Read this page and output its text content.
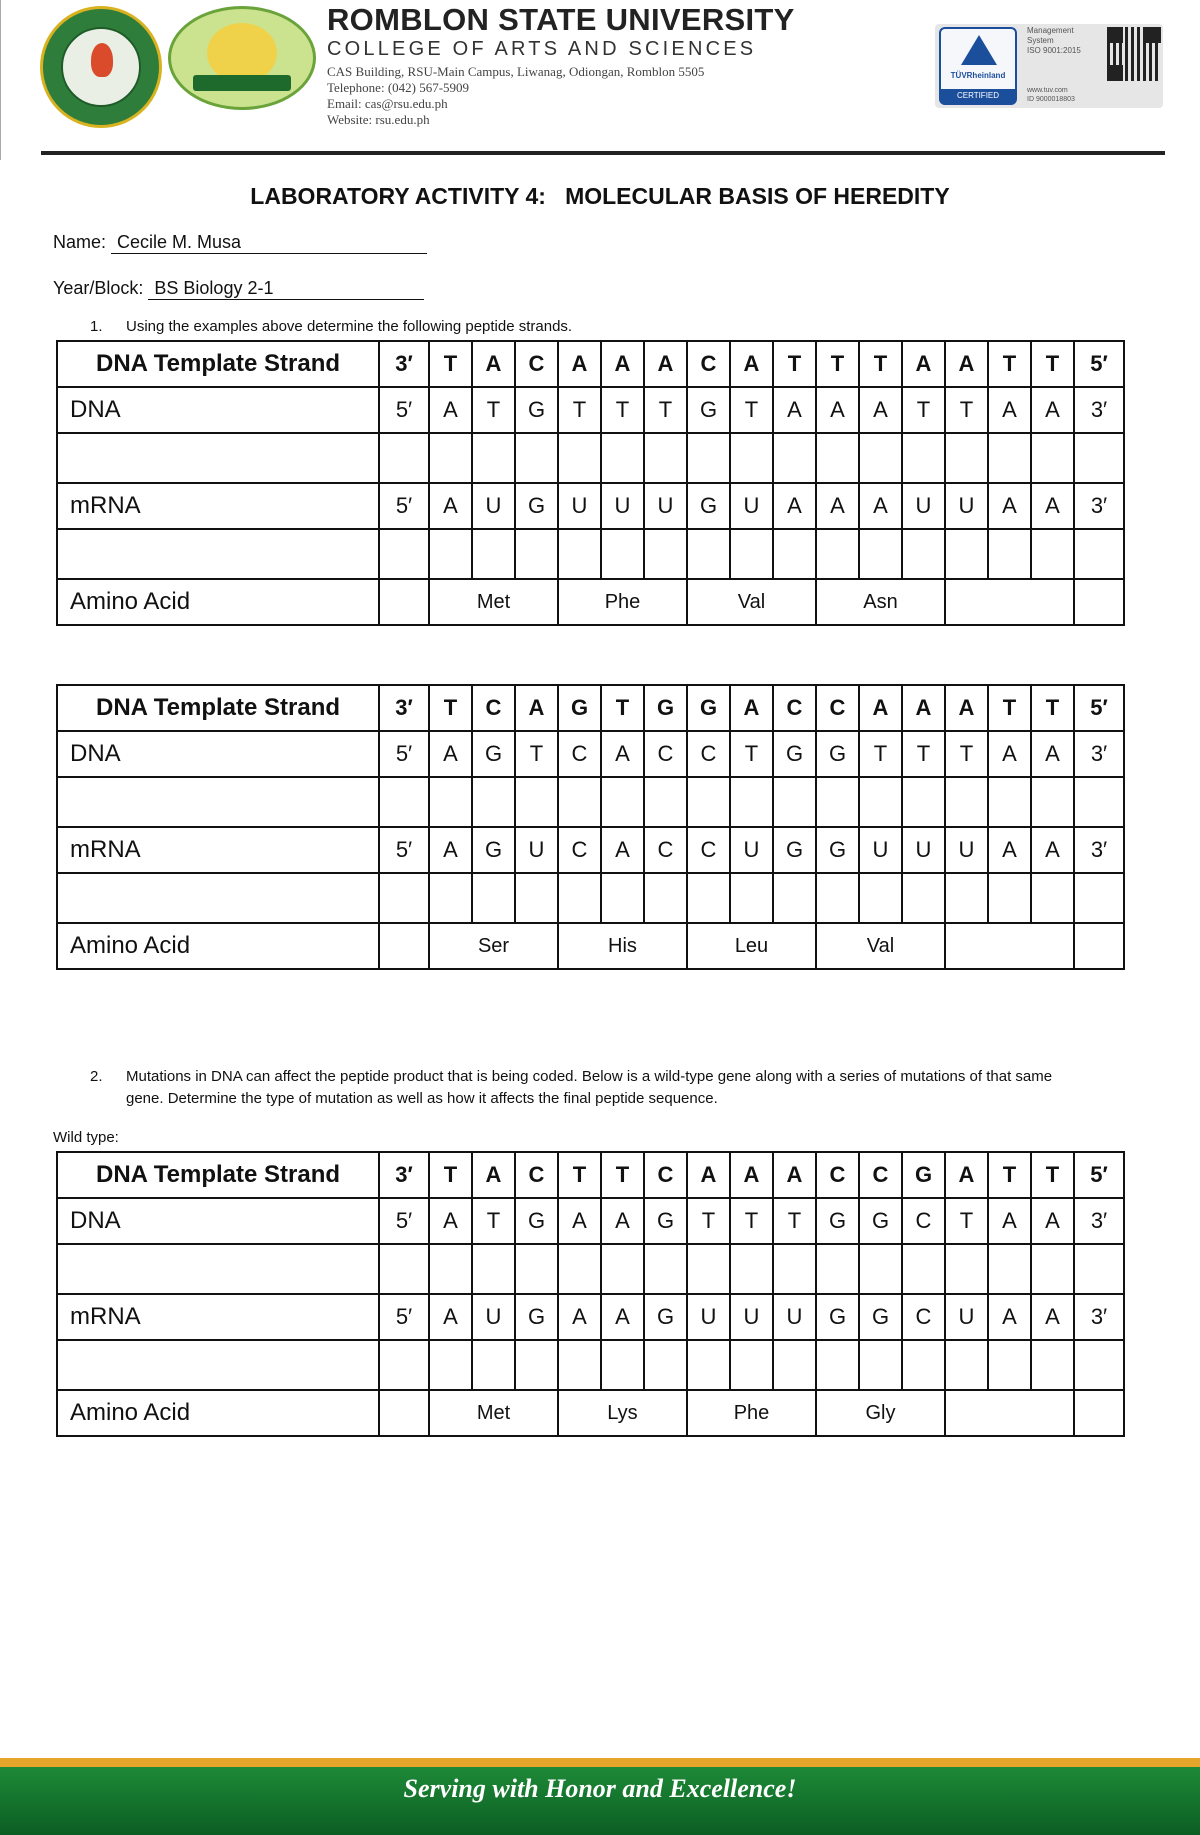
ROMBLON STATE UNIVERSITY
COLLEGE OF ARTS AND SCIENCES
CAS Building, RSU-Main Campus, Liwanag, Odiongan, Romblon 5505
Telephone: (042) 567-5909
Email: cas@rsu.edu.ph
Website: rsu.edu.ph
TÜVRheinland
CERTIFIED
Management System
ISO 9001:2015
www.tuv.com
ID 9000018803
LABORATORY ACTIVITY 4:   MOLECULAR BASIS OF HEREDITY
Name: Cecile M. Musa
Year/Block: BS Biology 2-1
1. Using the examples above determine the following peptide strands.
DNA Template Strand	3′	T	A	C	A	A	A	C	A	T	T	T	A	A	T	T	5′
DNA	5′	A	T	G	T	T	T	G	T	A	A	A	T	T	A	A	3′

mRNA	5′	A	U	G	U	U	U	G	U	A	A	A	U	U	A	A	3′

Amino Acid		Met			Phe			Val			Asn						
DNA Template Strand	3′	T	C	A	G	T	G	G	A	C	C	A	A	A	T	T	5′
DNA	5′	A	G	T	C	A	C	C	T	G	G	T	T	T	A	A	3′

mRNA	5′	A	G	U	C	A	C	C	U	G	G	U	U	U	A	A	3′

Amino Acid		Ser			His			Leu			Val						
2. Mutations in DNA can affect the peptide product that is being coded. Below is a wild-type gene along with a series of mutations of that same
gene. Determine the type of mutation as well as how it affects the final peptide sequence.
Wild type:
DNA Template Strand	3′	T	A	C	T	T	C	A	A	A	C	C	G	A	T	T	5′
DNA	5′	A	T	G	A	A	G	T	T	T	G	G	C	T	A	A	3′

mRNA	5′	A	U	G	A	A	G	U	U	U	G	G	C	U	A	A	3′

Amino Acid		Met			Lys			Phe			Gly						
Serving with Honor and Excellence!
